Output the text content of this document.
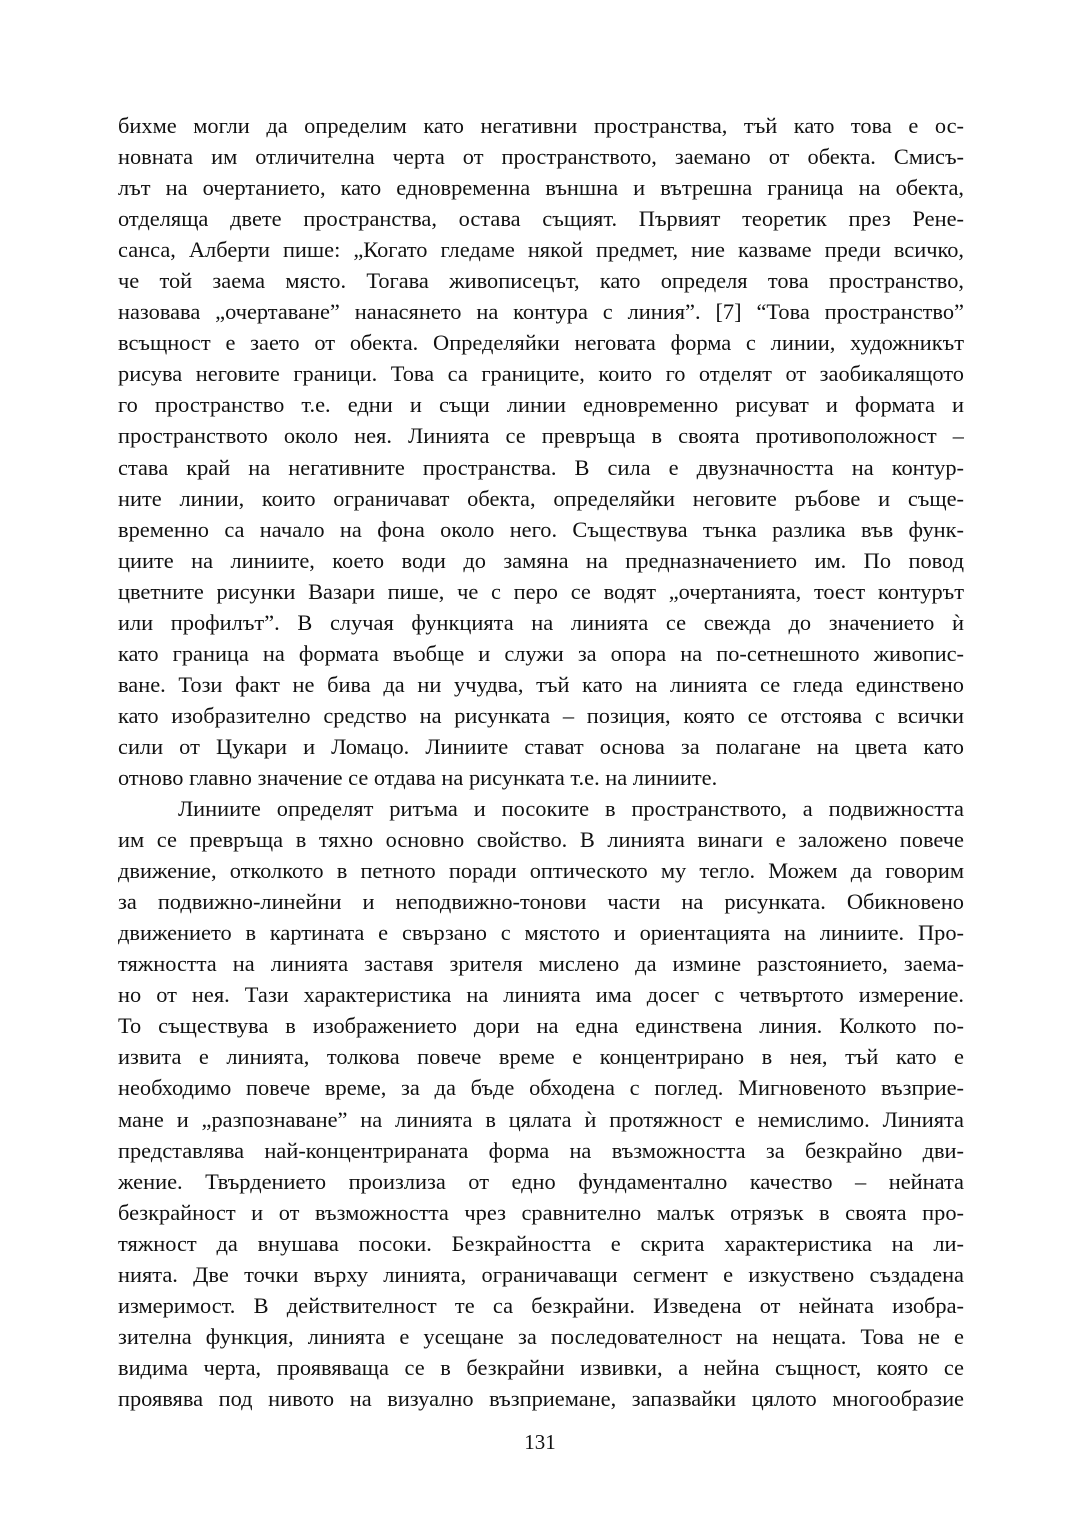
бихме могли да определим като негативни пространства, тъй като това е ос-
новната им отличителна черта от пространството, заемано от обекта. Смисъ-
лът на очертанието, като едновременна външна и вътрешна граница на обекта,
отделяща двете пространства, остава същият. Първият теоретик през Ренe-
санса, Алберти пише: „Когато гледаме някой предмет, ние казваме преди всичко,
че той заема място. Тогава живописецът, като определя това пространство,
назовава „очертаване” нанасянето на контура с линия”. [7] “Това пространство”
всъщност е заето от обекта. Определяйки неговата форма с линии, художникът
рисува неговите граници. Това са границите, които го отделят от заобикалящото
го пространство т.е. едни и същи линии едновременно рисуват и формата и
пространството около нея. Линията се превръща в своята противоположност –
става край на негативните пространства. В сила е двузначността на контур-
ните линии, които ограничават обекта, определяйки неговите ръбове и съще-
временно са начало на фона около него. Съществува тънка разлика във функ-
циите на линиите, което води до замяна на предназначението им. По повод
цветните рисунки Вазари пише, че с перо се водят „очертанията, тоест контурът
или профилът”. В случая функцията на линията се свежда до значението ѝ
като граница на формата въобще и служи за опора на по-сетнешното живопис-
ване. Този факт не бива да ни учудва, тъй като на линията се гледа единствено
като изобразително средство на рисунката – позиция, която се отстоява с всички
сили от Цукари и Ломацо. Линиите стават основа за полагане на цвета като
отново главно значение се отдава на рисунката т.е. на линиите.
Линиите определят ритъма и посоките в пространството, а подвижността
им се превръща в тяхно основно свойство. В линията винаги е заложено повече
движение, отколкото в петното поради оптическото му тегло. Можем да говорим
за подвижно-линейни и неподвижно-тонови части на рисунката. Обикновено
движението в картината е свързано с мястото и ориентацията на линиите. Про-
тяжността на линията заставя зрителя мислено да измине разстоянието, заема-
но от нея. Тази характеристика на линията има досег с четвъртото измерение.
То съществува в изображението дори на една единствена линия. Колкото по-
извита е линията, толкова повече време е концентрирано в нея, тъй като е
необходимо повече време, за да бъде обходена с поглед. Мигновеното възприе-
мане и „разпознаване” на линията в цялата ѝ протяжност е немислимо. Линията
представлява най-концентрираната форма на възможността за безкрайно дви-
жение. Твърдението произлиза от едно фундаментално качество – нейната
безкрайност и от възможността чрез сравнително малък отрязък в своята про-
тяжност да внушава посоки. Безкрайността е скрита характеристика на ли-
нията. Две точки върху линията, ограничаващи сегмент е изкуствено създадена
измеримост. В действителност те са безкрайни. Изведена от нейната изобра-
зителна функция, линията е усещане за последователност на нещата. Това не е
видима черта, проявяваща се в безкрайни извивки, а нейна същност, която се
проявява под нивото на визуално възприемане, запазвайки цялото многообразие
131
